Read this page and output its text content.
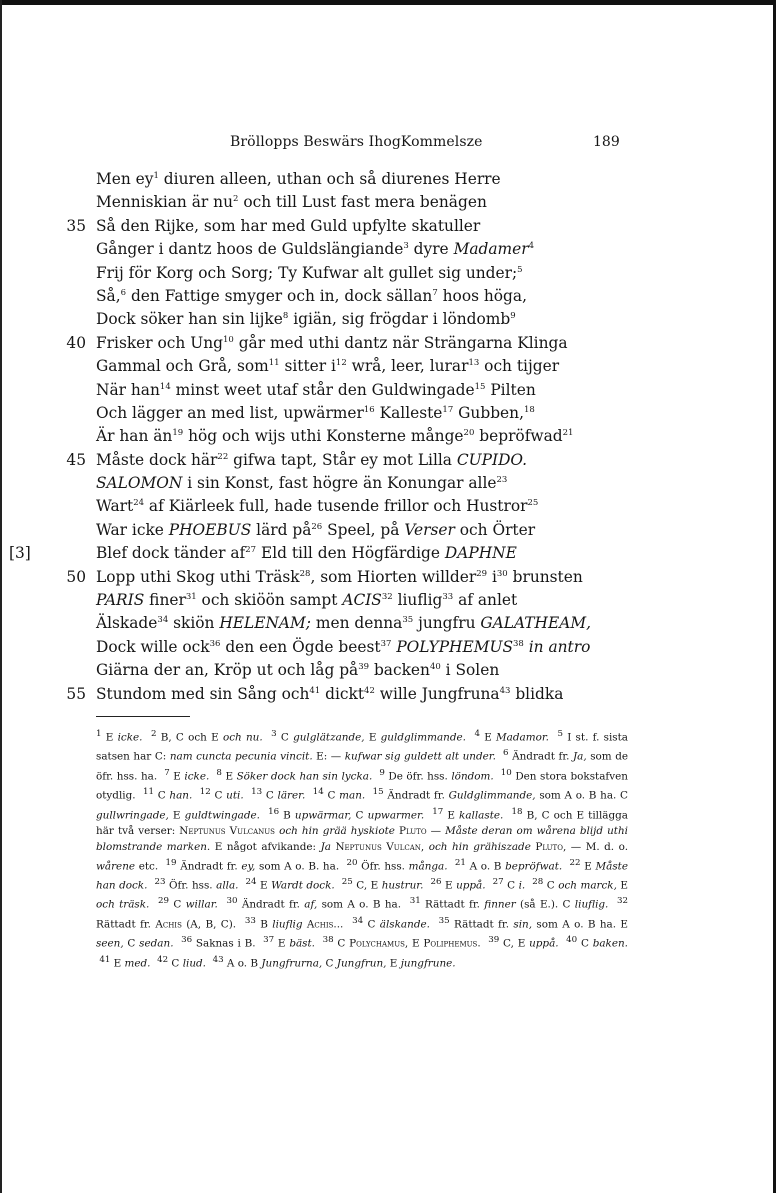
Bröllopps Beswärs IhogKommelsze	189
Men $ey^1$ diuren alleen, uthan och så diurenes Herre
Menniskian är $nu^2$ och till Lust fast mera benägen
35 Så den Rijke, som har med Guld upfylte skatuller
Gånger i dantz hoos de Guldslängiande$^3$ dyre Madamer$^4$
Frij för Korg och Sorg; Ty Kufwar alt gullet sig under;$^5$
Så,$^6$ den Fattige smyger och in, dock sällan$^7$ hoos höga,
Dock söker han sin lijke$^8$ igiän, sig frögdar i löndomb$^9$
40 Frisker och Ung$^{10}$ går med uthi dantz när Strängarna Klinga
Gammal och Grå, som$^{11}$ sitter $i^{12}$ wrå, leer, lurar$^{13}$ och tijger
När han$^{14}$ minst weet utaf står den Guldwingade$^{15}$ Pilten
Och lägger an med list, upwärmer$^{16}$ Kalleste$^{17}$ Gubben,$^{18}$
Är han $än^{19}$ hög och wijs uthi Konsterne månge$^{20}$ bepröfwad$^{21}$
45 Måste dock här$^{22}$ gifwa tapt, Står ey mot Lilla CUPIDO.
SALOMON i sin Konst, fast högre än Konungar alle$^{23}$
Wart$^{24}$ af Kiärleek full, hade tusende frillor och Hustror$^{25}$
War icke PHOEBUS lärd $på^{26}$ Speel, på Verser och Örter
[3]	Blef dock tänder $af^{27}$ Eld till den Högfärdige DAPHNE
50 Lopp uthi Skog uthi Träsk$^{28}$, som Hiorten willder$^{29}$ $i^{30}$ brunsten
PARIS finer$^{31}$ och skiöön sampt ACIS$^{32}$ liuflig$^{33}$ af anlet
Älskade$^{34}$ skiön HELENAM; men denna$^{35}$ jungfru GALATHEAM,
Dock wille ock$^{36}$ den een Ögde beest$^{37}$ POLYPHEMUS$^{38}$ in antro
Giärna der an, Kröp ut och låg $på^{39}$ backen$^{40}$ i Solen
55 Stundom med sin Sång och$^{41}$ dickt$^{42}$ wille Jungfruna$^{43}$ blidka
$^1$ E icke. $^2$ B, C och E och nu. $^3$ C gulglätzande, E guldglimmande. $^4$ E Madamor. $^5$ I st. f. sista satsen har C: nam cuncta pecunia vincit. E: — kufwar sig guldett alt under. $^6$ Ändradt fr. Ja, som de öfr. hss. ha.  $^7$ E icke. $^8$ E Söker dock han sin lycka. $^9$ De öfr. hss. löndom. $^{10}$ Den stora bokstafven otydlig.  $^{11}$ C han. $^{12}$ C uti. $^{13}$ C lärer. $^{14}$ C man. $^{15}$ Ändradt fr. Guldglimmande, som A o. B ha. C gullwringade, E guldtwingade. $^{16}$ B upwärmar, C upwarmer. $^{17}$ E kallaste. $^{18}$ B, C och E tillägga här två verser: Neptunus Vulcanus och hin grää hyskiote Pluto — Måste deran om wårena blijd uthi blomstrande marken. E något afvikande: Ja Neptunus Vulcan, och hin grähiszade Pluto, — M. d. o. wårene etc.  $^{19}$ Ändradt fr. ey, som A o. B. ha.  $^{20}$ Öfr. hss. många. $^{21}$ A o. B bepröfwat. $^{22}$ E Måste han dock. $^{23}$ Öfr. hss. alla. $^{24}$ E Wardt dock. $^{25}$ C, E hustrur. $^{26}$ E uppå. $^{27}$ C i. $^{28}$ C och marck, E och träsk. $^{29}$ C willar. $^{30}$ Ändradt fr. af, som A o. B ha.  $^{31}$ Rättadt fr. finner (så E.). C liuflig. $^{32}$ Rättadt fr. Achis (A, B, C).  $^{33}$ B liuflig Achis...  $^{34}$ C älskande. $^{35}$ Rättadt fr. sin, som A o. B ha. E seen, C sedan. $^{36}$ Saknas i B.  $^{37}$ E bäst. $^{38}$ C Polychamus, E Poliphemus. $^{39}$ C, E uppå. $^{40}$ C baken.  $^{41}$ E med. $^{42}$ C liud. $^{43}$ A o. B Jungfrurna, C Jungfrun, E jungfrune.
